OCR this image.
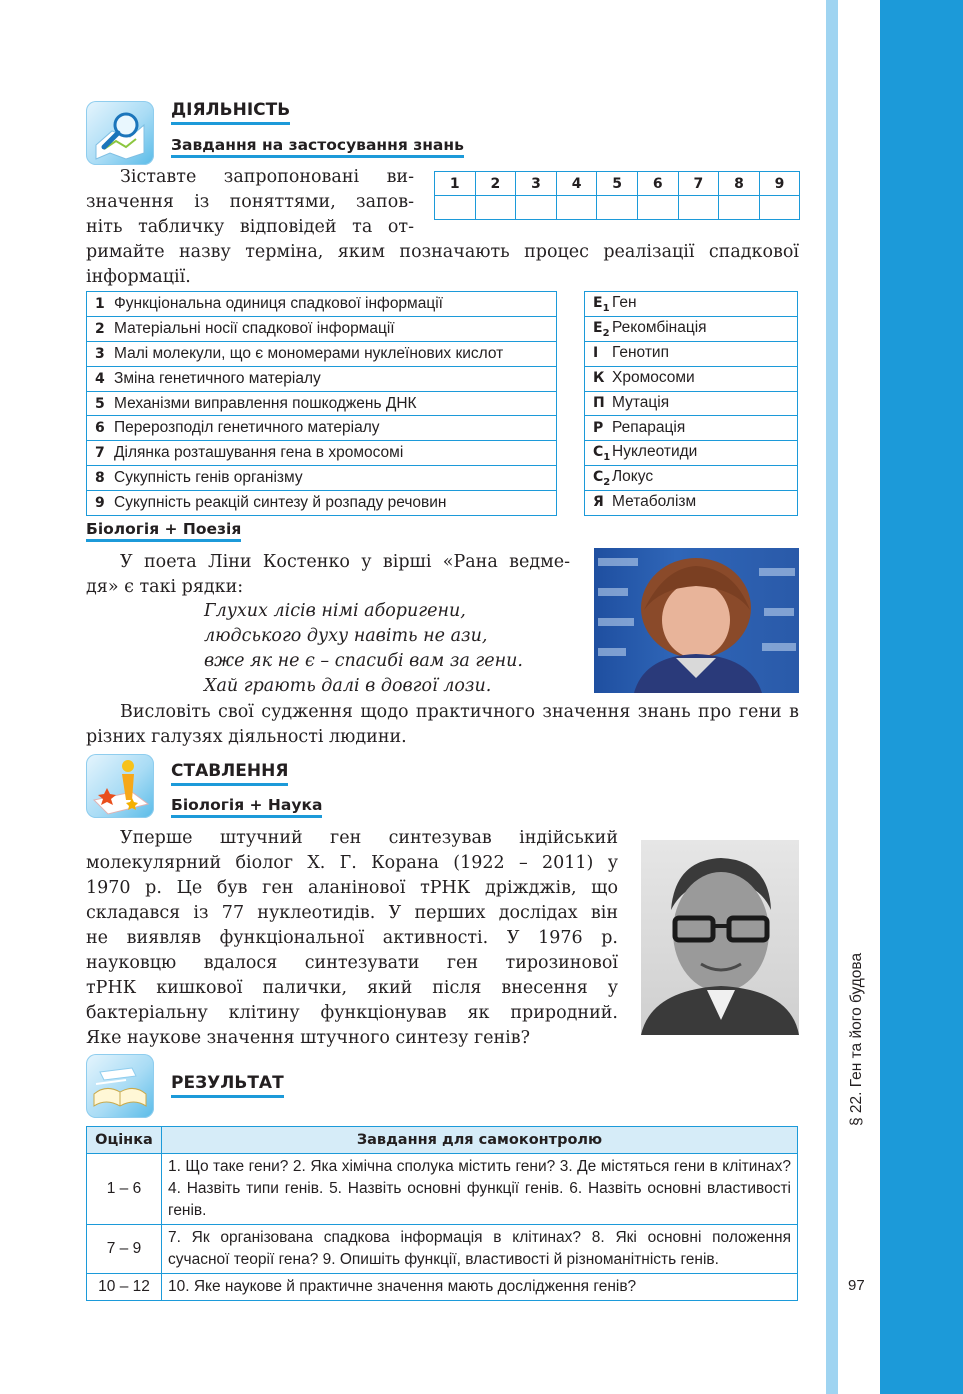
§ 22. Ген та його будова
97
ДІЯЛЬНІСТЬ
Завдання на застосування знань

Зіставте запропоновані ви-

значення із поняттями, запов-

ніть табличку відповідей та от-

римайте назву терміна, яким позначають процес реалізації спадкової інформації.
1	2	3	4	5	6	7	8	9

1 Функціональна одиниця спадкової інформації
2 Матеріальні носії спадкової інформації
3 Малі молекули, що є мономерами нуклеїнових кислот
4 Зміна генетичного матеріалу
5 Механізми виправлення пошкоджень ДНК
6 Перерозподіл генетичного матеріалу
7 Ділянка розташування гена в хромосомі
8 Сукупність генів організму
9 Сукупність реакцій синтезу й розпаду речовин
$Е_1$ Ген
$Е_2$ Рекомбінація
І Генотип
К Хромосоми
П Мутація
Р Репарація
$С_1$ Нуклеотиди
$С_2$ Локус
Я Метаболізм
Біологія + Поезія

У поета Ліни Костенко у вірші «Рана ведме-

дя» є такі рядки:

Глухих лісів німі аборигени,
людського духу навіть не ази,
вже як не є – спасибі вам за гени.
Хай грають далі в довгої лози.

Висловіть свої судження щодо практичного значення знань про гени в різних галузях діяльності людини.

СТАВЛЕННЯ
Біологія + Наука

Уперше штучний ген синтезував індійський

молекулярний біолог Х. Г. Корана (1922 – 2011) у

1970 р. Це був ген аланінової тРНК дріжджів, що

складався із 77 нуклеотидів. У перших дослідах він

не виявляв функціональної активності. У 1976 р.

науковцю вдалося синтезувати ген тирозинової

тРНК кишкової палички, який після внесення у

бактеріальну клітину функціонував як природний.

Яке наукове значення штучного синтезу генів?

РЕЗУЛЬТАТ
Оцінка	Завдання для самоконтролю
1 – 6	1. Що таке гени? 2. Яка хімічна сполука містить гени? 3. Де містяться гени в клітинах? 4. Назвіть типи генів. 5. Назвіть основні функції генів. 6. Назвіть основні властивості генів.
7 – 9	7. Як організована спадкова інформація в клітинах? 8. Які основні положення сучасної теорії гена? 9. Опишіть функції, властивості й різноманітність генів.
10 – 12	10. Яке наукове й практичне значення мають дослідження генів?
